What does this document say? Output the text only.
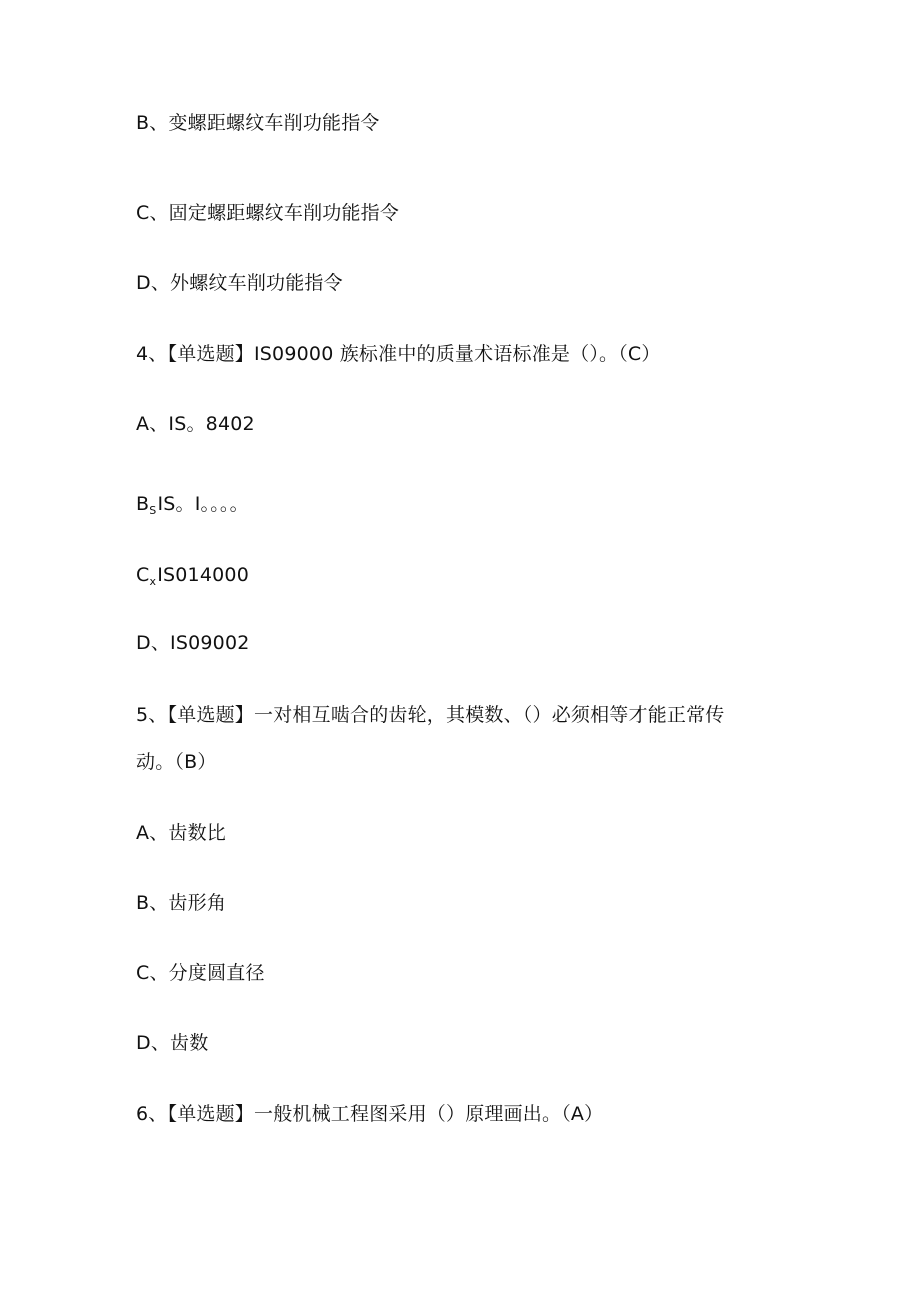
B、变螺距螺纹车削功能指令
C、固定螺距螺纹车削功能指令
D、外螺纹车削功能指令
4、【单选题】IS09000 族标准中的质量术语标准是（）。（C）
A、IS。8402
$B_SIS$。I。。。。
$C_xIS014000$
D、IS09002
5、【单选题】一对相互啮合的齿轮，其模数、（）必须相等才能正常传
动。（B）
A、齿数比
B、齿形角
C、分度圆直径
D、齿数
6、【单选题】一般机械工程图采用（）原理画出。（A）
